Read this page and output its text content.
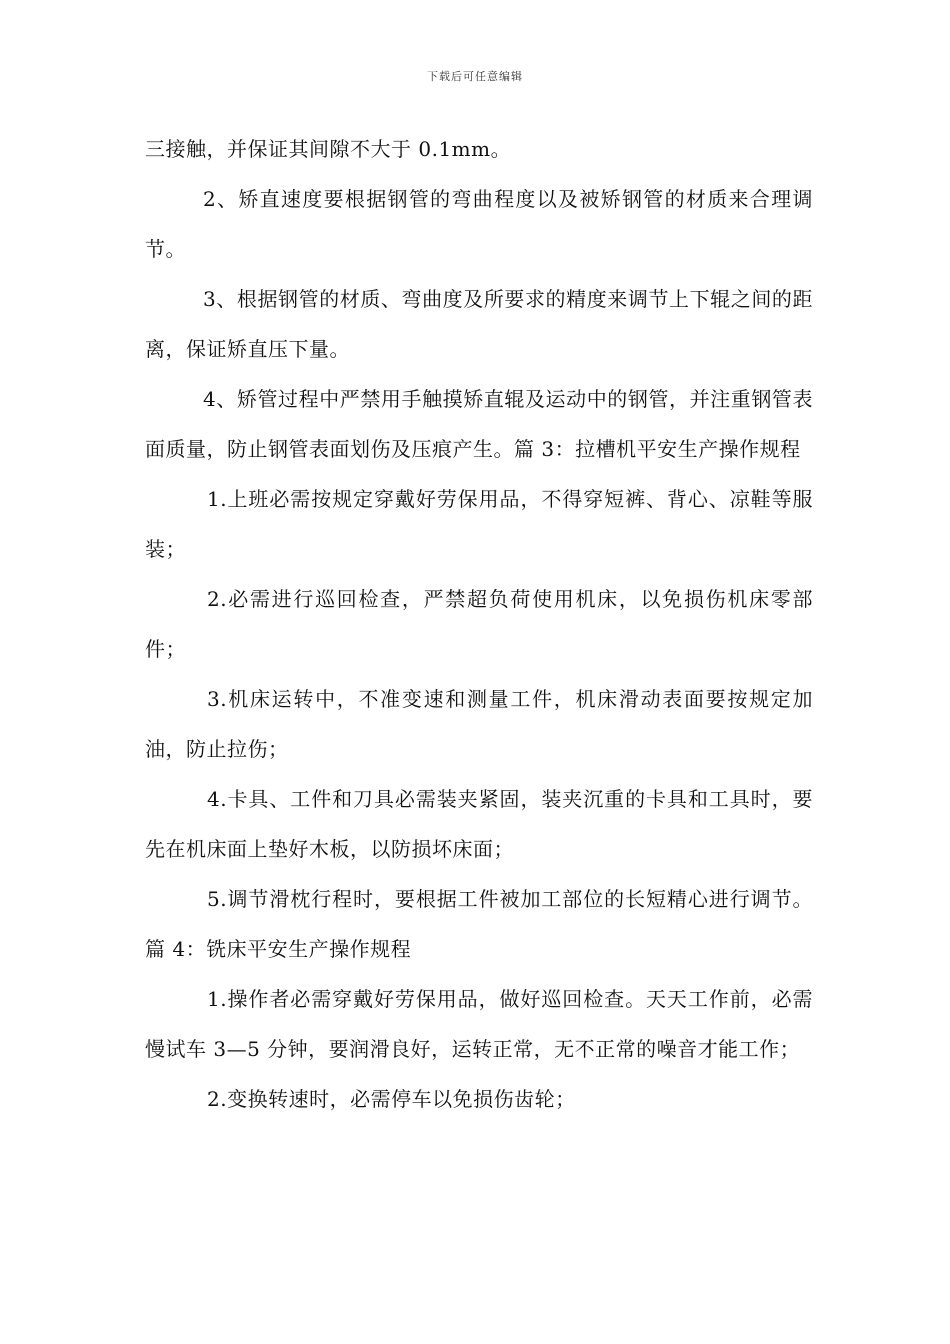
下载后可任意编辑

三接触，并保证其间隙不大于 0.1mm。

2、矫直速度要根据钢管的弯曲程度以及被矫钢管的材质来合理调节。

3、根据钢管的材质、弯曲度及所要求的精度来调节上下辊之间的距离，保证矫直压下量。

4、矫管过程中严禁用手触摸矫直辊及运动中的钢管，并注重钢管表面质量，防止钢管表面划伤及压痕产生。篇 3：拉槽机平安生产操作规程

1.上班必需按规定穿戴好劳保用品，不得穿短裤、背心、凉鞋等服装；

2.必需进行巡回检查，严禁超负荷使用机床，以免损伤机床零部件；

3.机床运转中，不准变速和测量工件，机床滑动表面要按规定加油，防止拉伤；

4.卡具、工件和刀具必需装夹紧固，装夹沉重的卡具和工具时，要先在机床面上垫好木板，以防损坏床面；

5.调节滑枕行程时，要根据工件被加工部位的长短精心进行调节。篇 4：铣床平安生产操作规程

1.操作者必需穿戴好劳保用品，做好巡回检查。天天工作前，必需慢试车 3—5 分钟，要润滑良好，运转正常，无不正常的噪音才能工作；

2.变换转速时，必需停车以免损伤齿轮；
